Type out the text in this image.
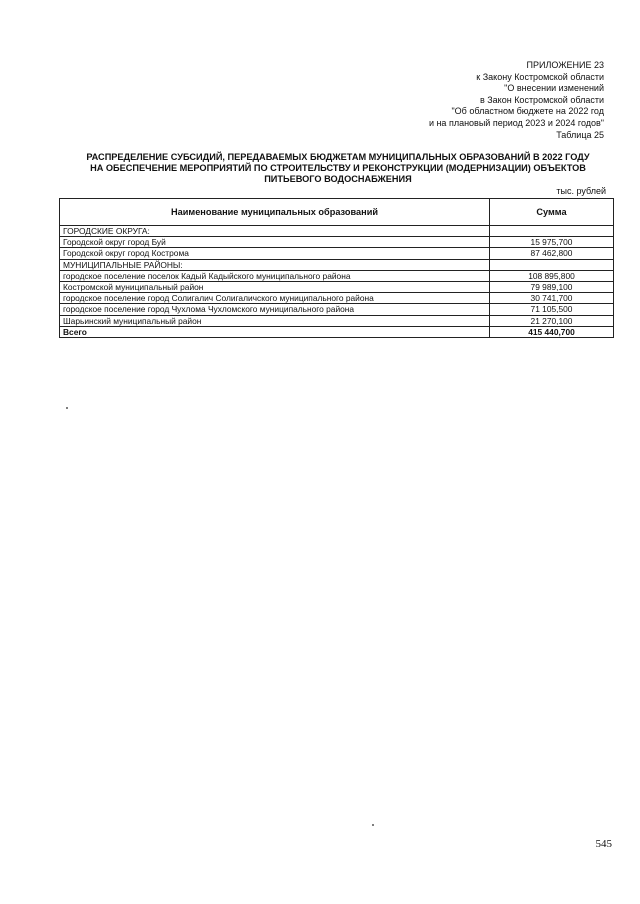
ПРИЛОЖЕНИЕ 23
к Закону Костромской области
"О внесении изменений
в Закон Костромской области
"Об областном бюджете на 2022 год
и на плановый период 2023 и 2024 годов"
Таблица 25
РАСПРЕДЕЛЕНИЕ СУБСИДИЙ, ПЕРЕДАВАЕМЫХ БЮДЖЕТАМ МУНИЦИПАЛЬНЫХ ОБРАЗОВАНИЙ В 2022 ГОДУ
НА ОБЕСПЕЧЕНИЕ МЕРОПРИЯТИЙ ПО СТРОИТЕЛЬСТВУ И РЕКОНСТРУКЦИИ (МОДЕРНИЗАЦИИ) ОБЪЕКТОВ
ПИТЬЕВОГО ВОДОСНАБЖЕНИЯ
тыс. рублей
Наименование муниципальных образований	Сумма
ГОРОДСКИЕ ОКРУГА:	
Городской округ город Буй	15 975,700
Городской округ город Кострома	87 462,800
МУНИЦИПАЛЬНЫЕ РАЙОНЫ:	
городское поселение поселок Кадый Кадыйского муниципального района	108 895,800
Костромской муниципальный район	79 989,100
городское поселение город Солигалич Солигаличского муниципального района	30 741,700
городское поселение город Чухлома Чухломского муниципального района	71 105,500
Шарьинский муниципальный район	21 270,100
Всего	415 440,700
545
